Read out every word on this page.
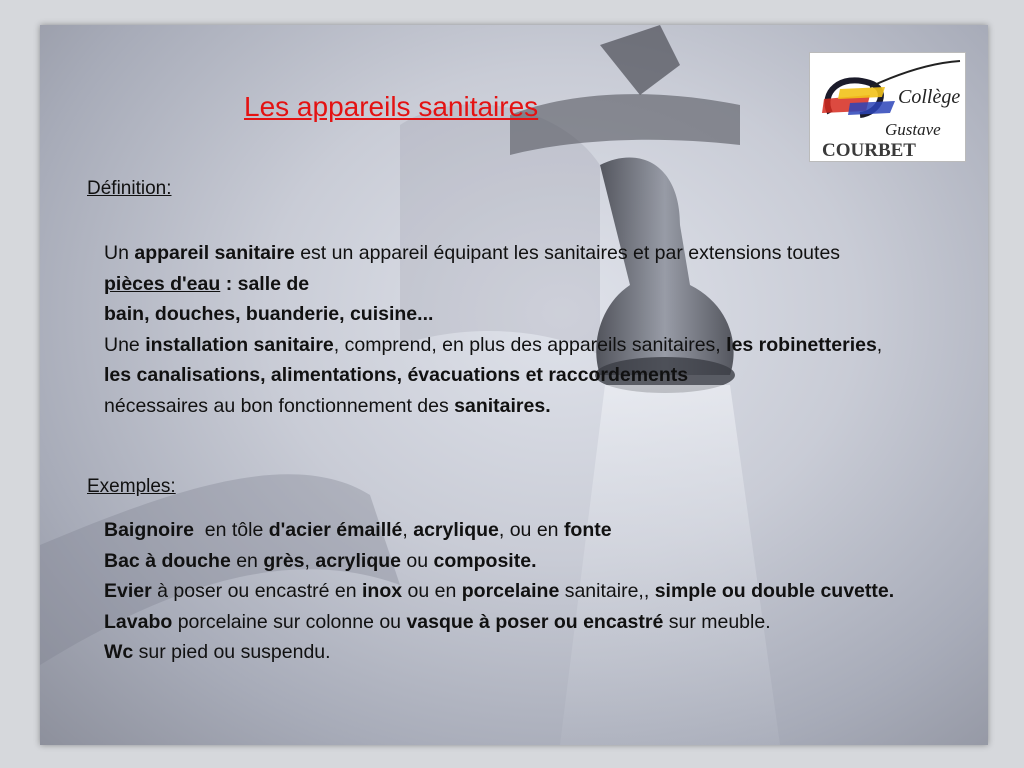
Les appareils sanitaires	Collège
Gustave
COURBET
Définition:
Un appareil sanitaire est un appareil équipant les sanitaires et par extensions toutes pièces d'eau : salle de
bain, douches, buanderie, cuisine...
Une installation sanitaire, comprend, en plus des appareils sanitaires, les robinetteries,
les canalisations, alimentations, évacuations et raccordements
nécessaires au bon fonctionnement des sanitaires.
Exemples:
Baignoire  en tôle d'acier émaillé, acrylique, ou en fonte
Bac à douche en grès, acrylique ou composite.
Evier à poser ou encastré en inox ou en porcelaine sanitaire,, simple ou double cuvette.
Lavabo porcelaine sur colonne ou vasque à poser ou encastré sur meuble.
Wc sur pied ou suspendu.
